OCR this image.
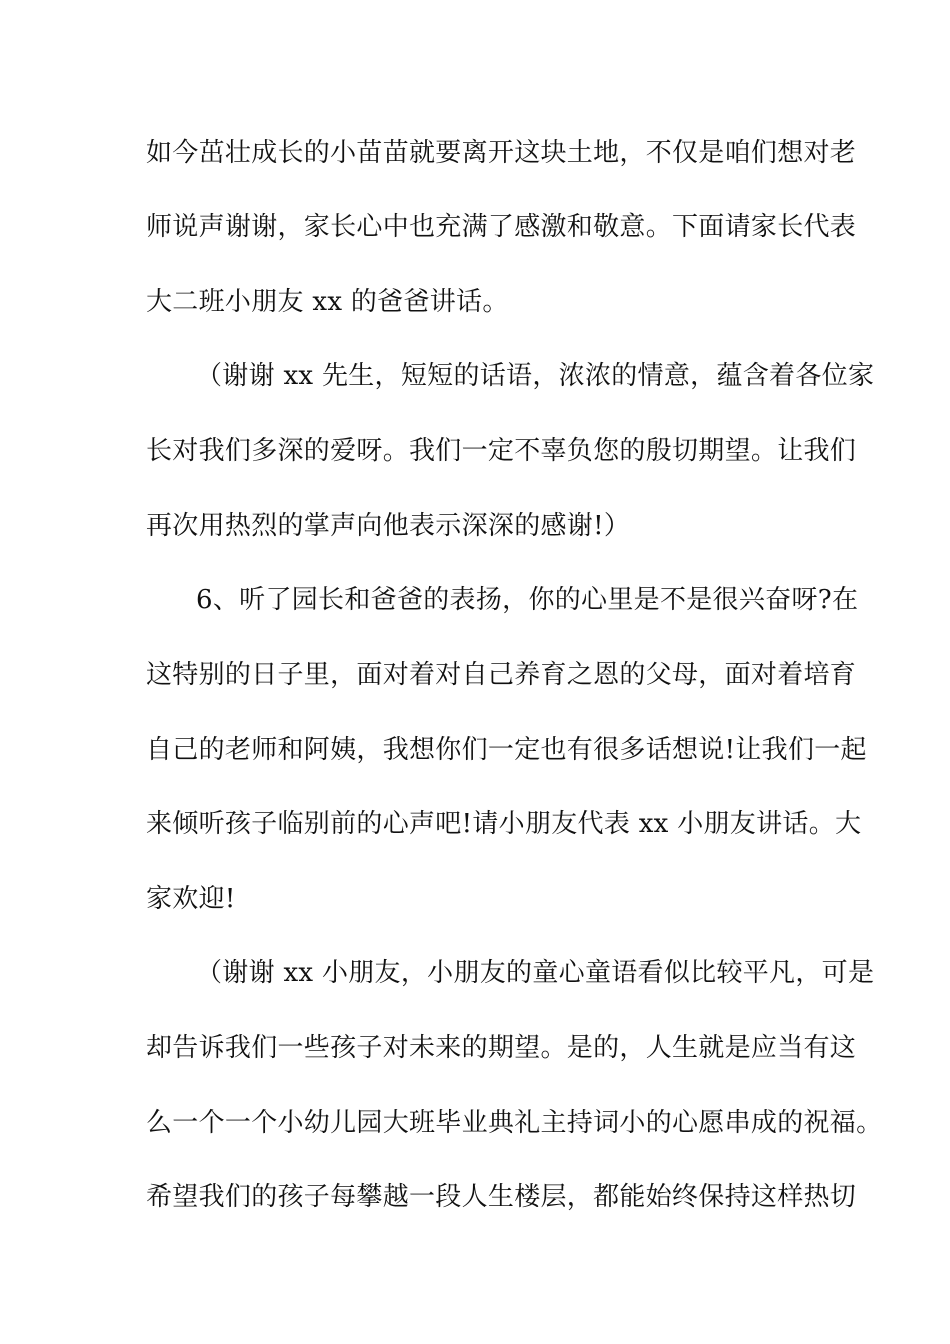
如今茁壮成长的小苗苗就要离开这块土地，不仅是咱们想对老
师说声谢谢，家长心中也充满了感激和敬意。下面请家长代表
大二班小朋友 xx 的爸爸讲话。
（谢谢 xx 先生，短短的话语，浓浓的情意，蕴含着各位家
长对我们多深的爱呀。我们一定不辜负您的殷切期望。让我们
再次用热烈的掌声向他表示深深的感谢!）
6、听了园长和爸爸的表扬，你的心里是不是很兴奋呀?在
这特别的日子里，面对着对自己养育之恩的父母，面对着培育
自己的老师和阿姨，我想你们一定也有很多话想说!让我们一起
来倾听孩子临别前的心声吧!请小朋友代表 xx 小朋友讲话。大
家欢迎!
（谢谢 xx 小朋友，小朋友的童心童语看似比较平凡，可是
却告诉我们一些孩子对未来的期望。是的，人生就是应当有这
么一个一个小幼儿园大班毕业典礼主持词小的心愿串成的祝福。
希望我们的孩子每攀越一段人生楼层，都能始终保持这样热切
